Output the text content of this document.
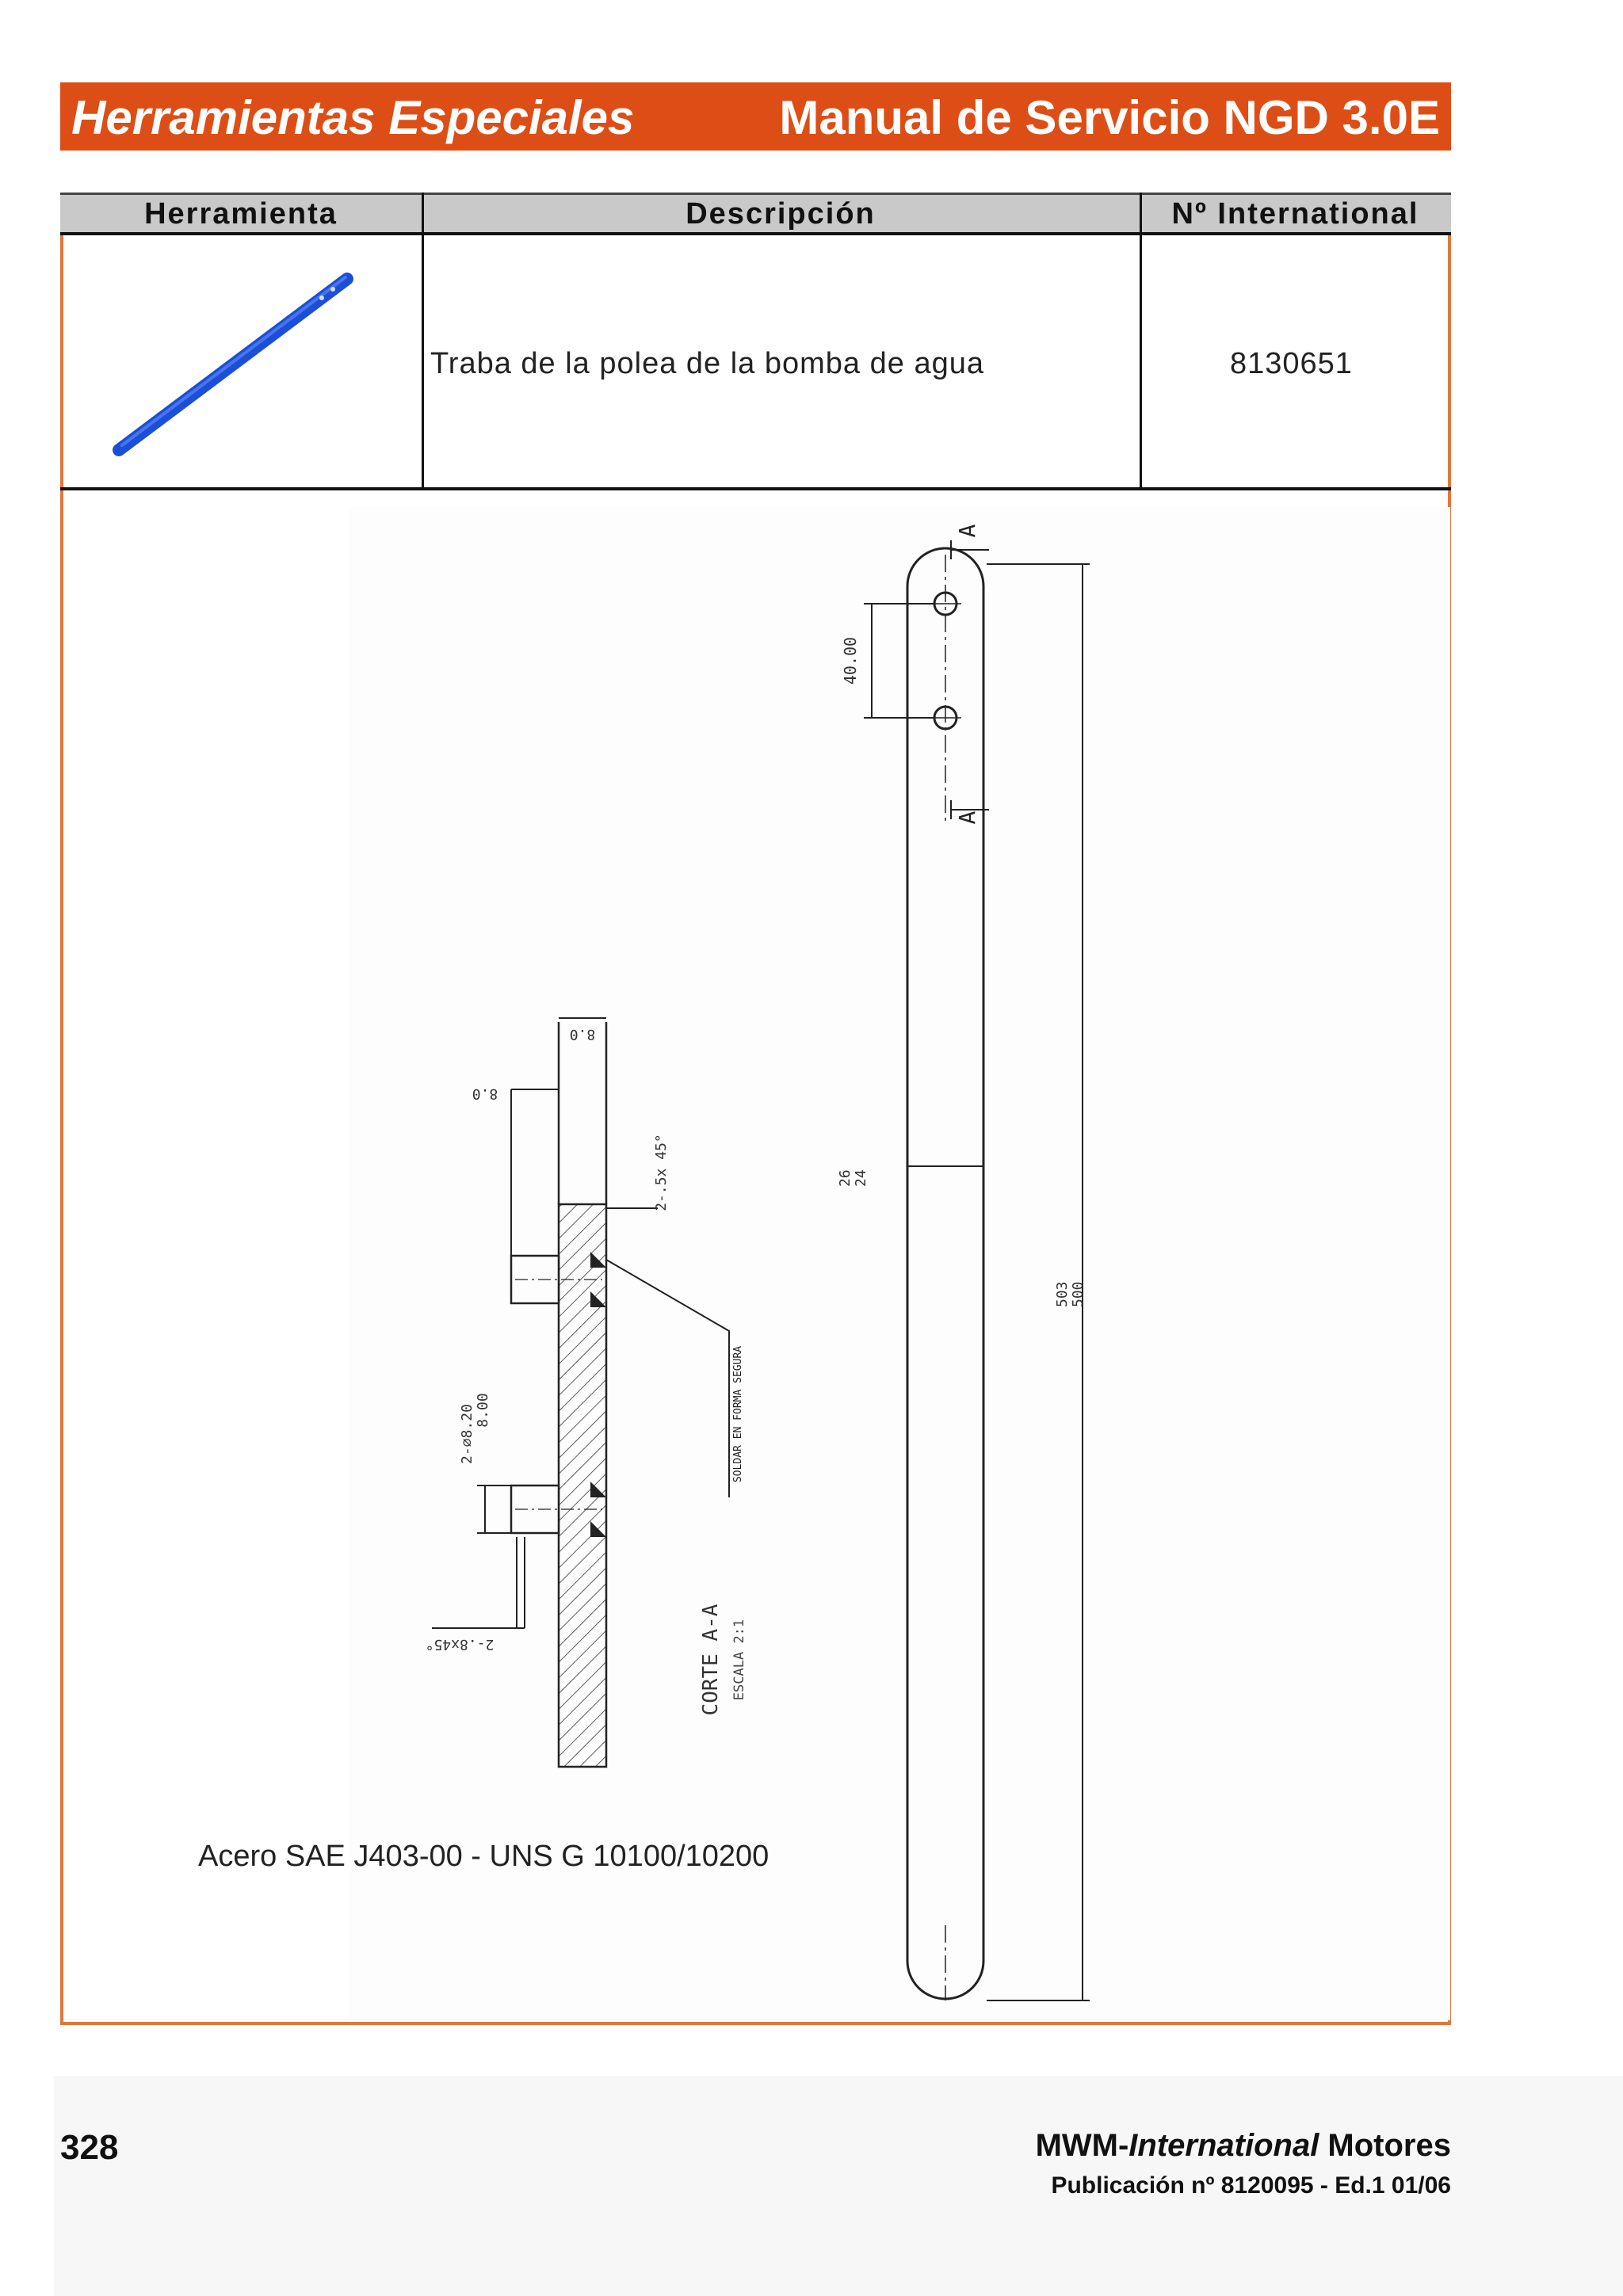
Herramientas Especiales	Manual de Servicio NGD 3.0E
Herramienta	Descripción	Nº International
Traba de la polea de la bomba de agua	8130651
40.00
A
A
26 24
503 500
8.0
8.0
2-.5x 45°
2-⌀8.20 8.00
2-.8x45°
SOLDAR EN FORMA SEGURA
CORTE A-A ESCALA 2:1
Acero SAE J403-00 - UNS G 10100/10200
328	MWM-International Motores
Publicación nº 8120095 - Ed.1 01/06
